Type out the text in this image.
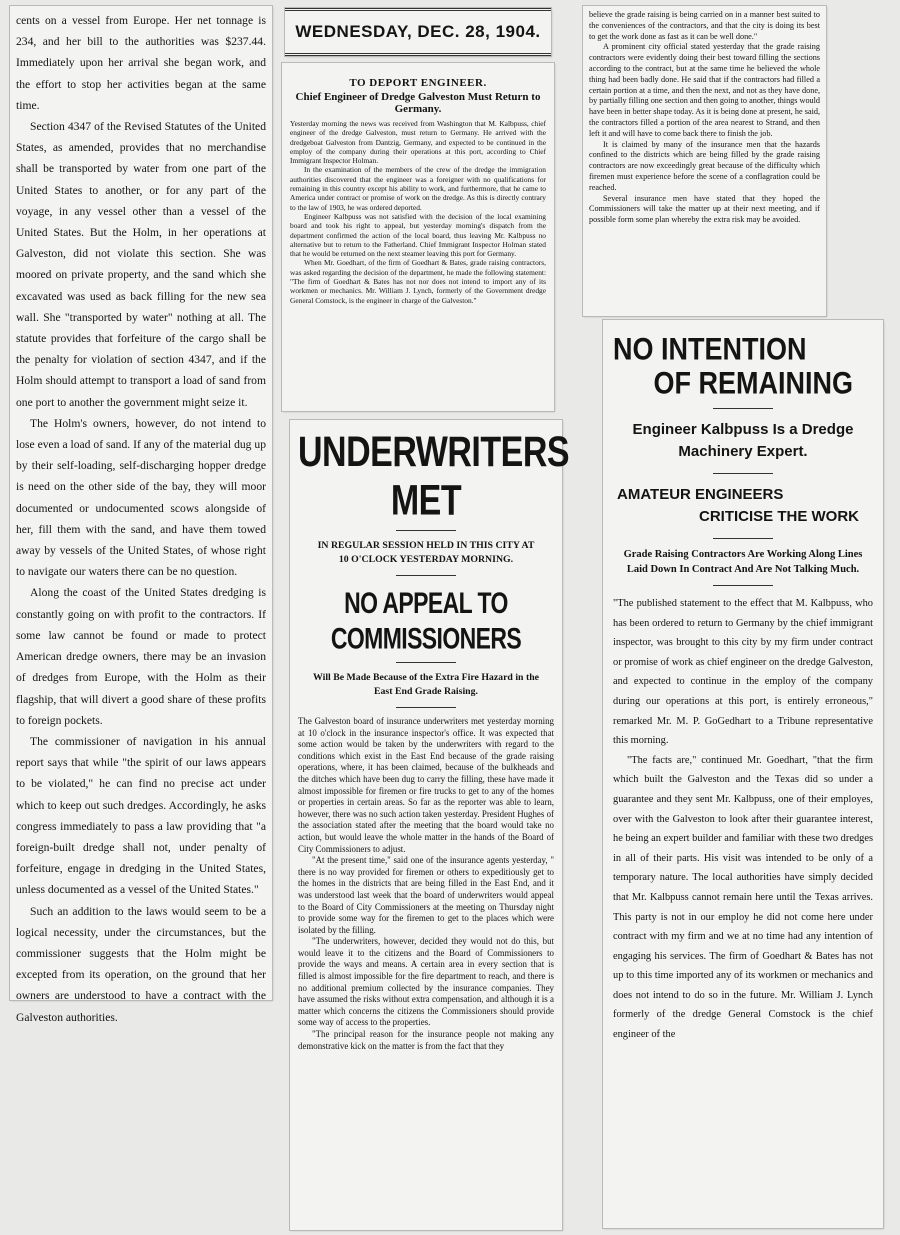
cents on a vessel from Europe. Her net tonnage is 234, and her bill to the authorities was $237.44. Immediately upon her arrival she began work, and the effort to stop her activities began at the same time.

Section 4347 of the Revised Statutes of the United States, as amended, provides that no merchandise shall be transported by water from one part of the United States to another, or for any part of the voyage, in any vessel other than a vessel of the United States. But the Holm, in her operations at Galveston, did not violate this section. She was moored on private property, and the sand which she excavated was used as back filling for the new sea wall. She "transported by water" nothing at all. The statute provides that forfeiture of the cargo shall be the penalty for violation of section 4347, and if the Holm should attempt to transport a load of sand from one port to another the government might seize it.

The Holm's owners, however, do not intend to lose even a load of sand. If any of the material dug up by their self-loading, self-discharging hopper dredge is need on the other side of the bay, they will moor documented or undocumented scows alongside of her, fill them with the sand, and have them towed away by vessels of the United States, of whose right to navigate our waters there can be no question.

Along the coast of the United States dredging is constantly going on with profit to the contractors. If some law cannot be found or made to protect American dredge owners, there may be an invasion of dredges from Europe, with the Holm as their flagship, that will divert a good share of these profits to foreign pockets.

The commissioner of navigation in his annual report says that while "the spirit of our laws appears to be violated," he can find no precise act under which to keep out such dredges. Accordingly, he asks congress immediately to pass a law providing that "a foreign-built dredge shall not, under penalty of forfeiture, engage in dredging in the United States, unless documented as a vessel of the United States."

Such an addition to the laws would seem to be a logical necessity, under the circumstances, but the commissioner suggests that the Holm might be excepted from its operation, on the ground that her owners are understood to have a contract with the Galveston authorities.

WEDNESDAY, DEC. 28, 1904.
TO DEPORT ENGINEER.
Chief Engineer of Dredge Galveston Must Return to Germany.

Yesterday morning the news was received from Washington that M. Kalbpuss, chief engineer of the dredge Galveston, must return to Germany. He arrived with the dredgeboat Galveston from Dantzig, Germany, and expected to be continued in the employ of the company during their operations at this port, according to Chief Immigrant Inspector Holman.

In the examination of the members of the crew of the dredge the immigration authorities discovered that the engineer was a foreigner with no qualifications for remaining in this country except his ability to work, and furthermore, that he came to America under contract or promise of work on the dredge. As this is directly contrary to the law of 1903, he was ordered deported.

Engineer Kalbpuss was not satisfied with the decision of the local examining board and took his right to appeal, but yesterday morning's dispatch from the department confirmed the action of the local board, thus leaving Mr. Kalbpuss no alternative but to return to the Fatherland. Chief Immigrant Inspector Holman stated that he would be returned on the next steamer leaving this port for Germany.

When Mr. Goedhart, of the firm of Goedhart & Bates, grade raising contractors, was asked regarding the decision of the department, he made the following statement: "The firm of Goedhart & Bates has not nor does not intend to import any of its workmen or mechanics. Mr. William J. Lynch, formerly of the Government dredge General Comstock, is the engineer in charge of the Galveston."

UNDERWRITERS MET
IN REGULAR SESSION HELD IN THIS CITY AT 10 O'CLOCK YESTERDAY MORNING.
NO APPEAL TO COMMISSIONERS
Will Be Made Because of the Extra Fire Hazard in the East End Grade Raising.

The Galveston board of insurance underwriters met yesterday morning at 10 o'clock in the insurance inspector's office. It was expected that some action would be taken by the underwriters with regard to the conditions which exist in the East End because of the grade raising operations, where, it has been claimed, because of the bulkheads and the ditches which have been dug to carry the filling, these have made it almost impossible for firemen or fire trucks to get to any of the homes or properties in certain areas. So far as the reporter was able to learn, however, there was no such action taken yesterday. President Hughes of the association stated after the meeting that the board would take no action, but would leave the whole matter in the hands of the Board of City Commissioners to adjust.

"At the present time," said one of the insurance agents yesterday, " there is no way provided for firemen or others to expeditiously get to the homes in the districts that are being filled in the East End, and it was understood last week that the board of underwriters would appeal to the Board of City Commissioners at the meeting on Thursday night to provide some way for the firemen to get to the places which were isolated by the filling.

"The underwriters, however, decided they would not do this, but would leave it to the citizens and the Board of Commissioners to provide the ways and means. A certain area in every section that is filled is almost impossible for the fire department to reach, and there is no additional premium collected by the insurance companies. They have assumed the risks without extra compensation, and although it is a matter which concerns the citizens the Commissioners should provide some way of access to the properties.

"The principal reason for the insurance people not making any demonstrative kick on the matter is from the fact that they

believe the grade raising is being carried on in a manner best suited to the conveniences of the contractors, and that the city is doing its best to get the work done as fast as it can be well done."

A prominent city official stated yesterday that the grade raising contractors were evidently doing their best toward filling the sections according to the contract, but at the same time he believed the whole thing had been badly done. He said that if the contractors had filled a certain portion at a time, and then the next, and not as they have done, by partially filling one section and then going to another, things would have been in better shape today. As it is being done at present, he said, the contractors filled a portion of the area nearest to Strand, and then left it and will have to come back there to finish the job.

It is claimed by many of the insurance men that the hazards confined to the districts which are being filled by the grade raising contractors are now exceedingly great because of the difficulty which firemen must experience before the scene of a conflagration could be reached.

Several insurance men have stated that they hoped the Commissioners will take the matter up at their next meeting, and if possible form some plan whereby the extra risk may be avoided.

NO INTENTION
OF REMAINING
Engineer Kalbpuss Is a Dredge Machinery Expert.
AMATEUR ENGINEERS
CRITICISE THE WORK
Grade Raising Contractors Are Working Along Lines Laid Down In Contract And Are Not Talking Much.

"The published statement to the effect that M. Kalbpuss, who has been ordered to return to Germany by the chief immigrant inspector, was brought to this city by my firm under contract or promise of work as chief engineer on the dredge Galveston, and expected to continue in the employ of the company during our operations at this port, is entirely erroneous," remarked Mr. M. P. GoGedhart to a Tribune representative this morning.

"The facts are," continued Mr. Goedhart, "that the firm which built the Galveston and the Texas did so under a guarantee and they sent Mr. Kalbpuss, one of their employes, over with the Galveston to look after their guarantee interest, he being an expert builder and familiar with these two dredges in all of their parts. His visit was intended to be only of a temporary nature. The local authorities have simply decided that Mr. Kalbpuss cannot remain here until the Texas arrives. This party is not in our employ he did not come here under contract with my firm and we at no time had any intention of engaging his services. The firm of Goedhart & Bates has not up to this time imported any of its workmen or mechanics and does not intend to do so in the future. Mr. William J. Lynch formerly of the dredge General Comstock is the chief engineer of the
